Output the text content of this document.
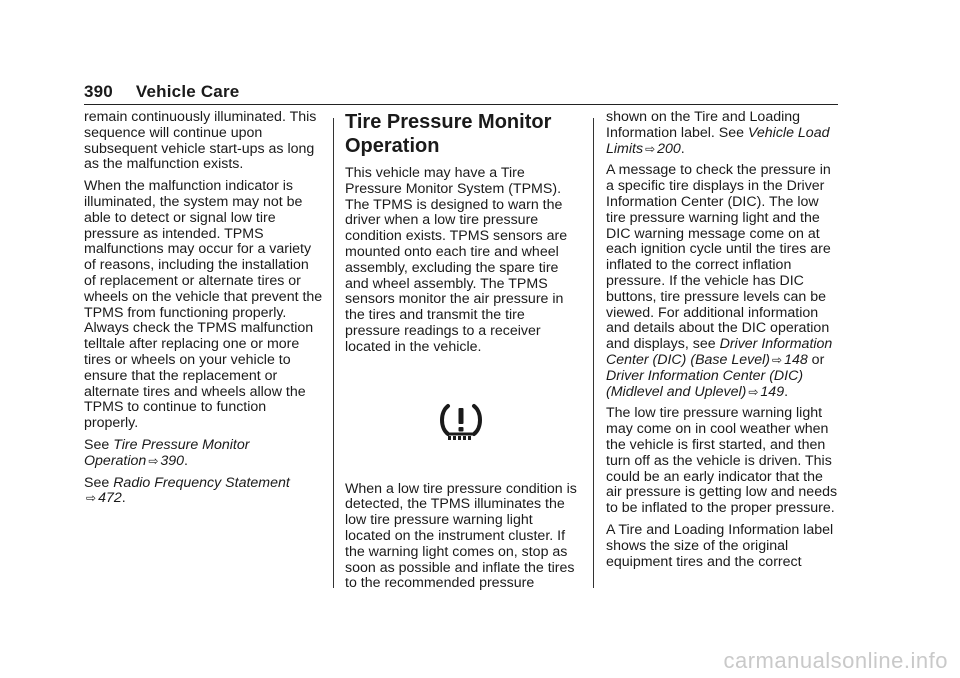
390 Vehicle Care

remain continuously illuminated. This sequence will continue upon subsequent vehicle start-ups as long as the malfunction exists.

When the malfunction indicator is illuminated, the system may not be able to detect or signal low tire pressure as intended. TPMS malfunctions may occur for a variety of reasons, including the installation of replacement or alternate tires or wheels on the vehicle that prevent the TPMS from functioning properly. Always check the TPMS malfunction telltale after replacing one or more tires or wheels on your vehicle to ensure that the replacement or alternate tires and wheels allow the TPMS to continue to function properly.

See Tire Pressure Monitor Operation ⇨ 390.

See Radio Frequency Statement
⇨ 472.

Tire Pressure Monitor Operation

This vehicle may have a Tire Pressure Monitor System (TPMS). The TPMS is designed to warn the driver when a low tire pressure condition exists. TPMS sensors are mounted onto each tire and wheel assembly, excluding the spare tire and wheel assembly. The TPMS sensors monitor the air pressure in the tires and transmit the tire pressure readings to a receiver located in the vehicle.

When a low tire pressure condition is detected, the TPMS illuminates the low tire pressure warning light located on the instrument cluster. If the warning light comes on, stop as soon as possible and inflate the tires to the recommended pressure

shown on the Tire and Loading Information label. See Vehicle Load Limits ⇨ 200.

A message to check the pressure in a specific tire displays in the Driver Information Center (DIC). The low tire pressure warning light and the DIC warning message come on at each ignition cycle until the tires are inflated to the correct inflation pressure. If the vehicle has DIC buttons, tire pressure levels can be viewed. For additional information and details about the DIC operation and displays, see Driver Information Center (DIC) (Base Level) ⇨ 148 or Driver Information Center (DIC) (Midlevel and Uplevel) ⇨ 149.

The low tire pressure warning light may come on in cool weather when the vehicle is first started, and then turn off as the vehicle is driven. This could be an early indicator that the air pressure is getting low and needs to be inflated to the proper pressure.

A Tire and Loading Information label shows the size of the original equipment tires and the correct

carmanualsonline.info
